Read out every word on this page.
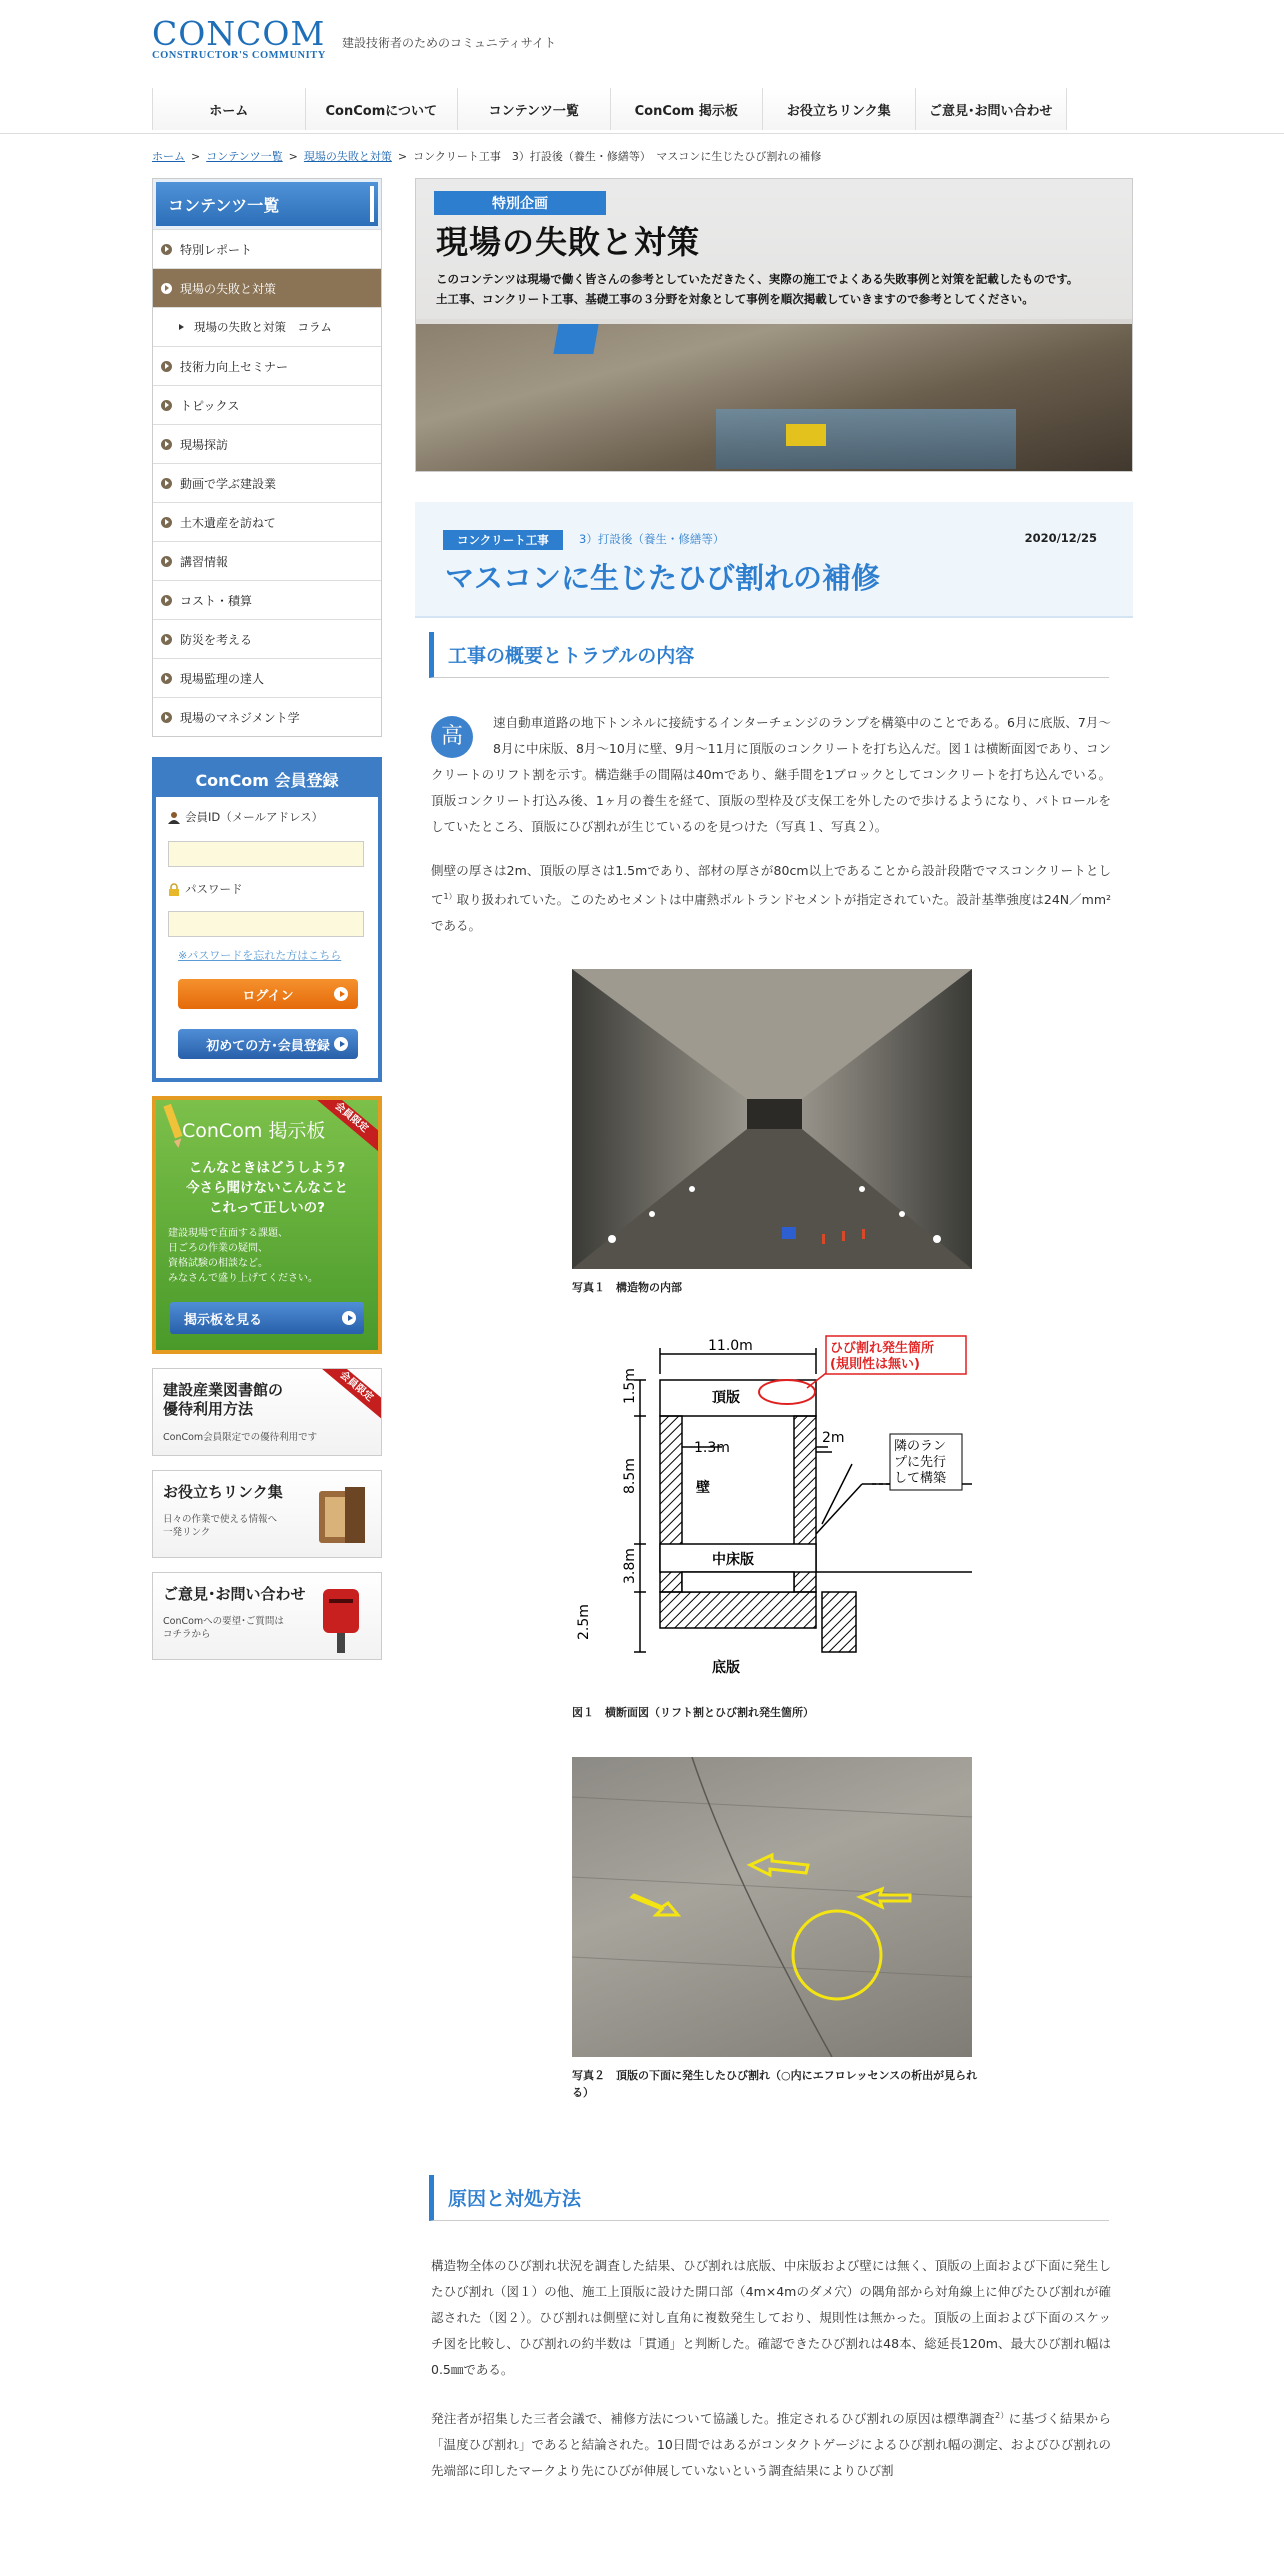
CONCOM
CONSTRUCTOR'S COMMUNITY
建設技術者のためのコミュニティサイト
ホーム	ConComについて	コンテンツ一覧	ConCom 掲示板	お役立ちリンク集	ご意見･お問い合わせ
ホーム > コンテンツ一覧 > 現場の失敗と対策 > コンクリート工事　3）打設後（養生・修繕等）　マスコンに生じたひび割れの補修
コンテンツ一覧
特別レポート
現場の失敗と対策
現場の失敗と対策　コラム
技術力向上セミナー
トピックス
現場探訪
動画で学ぶ建設業
土木遺産を訪ねて
講習情報
コスト・積算
防災を考える
現場監理の達人
現場のマネジメント学
ConCom 会員登録
会員ID（メールアドレス）
パスワード
※パスワードを忘れた方はこちら
ログイン
初めての方･会員登録
会員限定
ConCom 掲示板
こんなときはどうしよう?
今さら聞けないこんなこと
これって正しいの?
建設現場で直面する課題、
日ごろの作業の疑問、
資格試験の相談など。
みなさんで盛り上げてください。
掲示板を見る
会員限定
建設産業図書館の
優待利用方法
ConCom会員限定での優待利用です
お役立ちリンク集
日々の作業で使える情報へ
一発リンク
ご意見･お問い合わせ
ConComへの要望･ご質問は
コチラから
特別企画
現場の失敗と対策
このコンテンツは現場で働く皆さんの参考としていただきたく、実際の施工でよくある失敗事例と対策を記載したものです。
土工事、コンクリート工事、基礎工事の３分野を対象として事例を順次掲載していきますので参考としてください。
コンクリート工事	3）打設後（養生・修繕等）	2020/12/25
マスコンに生じたひび割れの補修
工事の概要とトラブルの内容
高
速自動車道路の地下トンネルに接続するインターチェンジのランプを構築中のことである。6月に底版、7月～8月に中床版、8月～10月に壁、9月～11月に頂版のコンクリートを打ち込んだ。図１は横断面図であり、コンクリートのリフト割を示す。構造継手の間隔は40mであり、継手間を1ブロックとしてコンクリートを打ち込んでいる。頂版コンクリート打込み後、1ヶ月の養生を経て、頂版の型枠及び支保工を外したので歩けるようになり、パトロールをしていたところ、頂版にひび割れが生じているのを見つけた（写真１、写真２）。
側壁の厚さは2m、頂版の厚さは1.5mであり、部材の厚さが80cm以上であることから設計段階でマスコンクリートとして$^{1)}$取り扱われていた。このためセメントは中庸熱ポルトランドセメントが指定されていた。設計基準強度は24N／mm²である。
写真１　構造物の内部
ひび割れ発生箇所
(規則性は無い)
11.0m
頂版
1.3m
2m
壁
中床版
底版
隣のラン
プに先行
して構築
1.5m
8.5m
3.8m
2.5m
図１　横断面図（リフト割とひび割れ発生箇所）
写真２　頂版の下面に発生したひび割れ（○内にエフロレッセンスの析出が見られる）
原因と対処方法
構造物全体のひび割れ状況を調査した結果、ひび割れは底版、中床版および壁には無く、頂版の上面および下面に発生したひび割れ（図１）の他、施工上頂版に設けた開口部（4m×4mのダメ穴）の隅角部から対角線上に伸びたひび割れが確認された（図２）。ひび割れは側壁に対し直角に複数発生しており、規則性は無かった。頂版の上面および下面のスケッチ図を比較し、ひび割れの約半数は「貫通」と判断した。確認できたひび割れは48本、総延長120m、最大ひび割れ幅は0.5㎜である。
発注者が招集した三者会議で、補修方法について協議した。推定されるひび割れの原因は標準調査$^{2)}$に基づく結果から「温度ひび割れ」であると結論された。10日間ではあるがコンタクトゲージによるひび割れ幅の測定、およびひび割れの先端部に印したマークより先にひびが伸展していないという調査結果によりひび割
